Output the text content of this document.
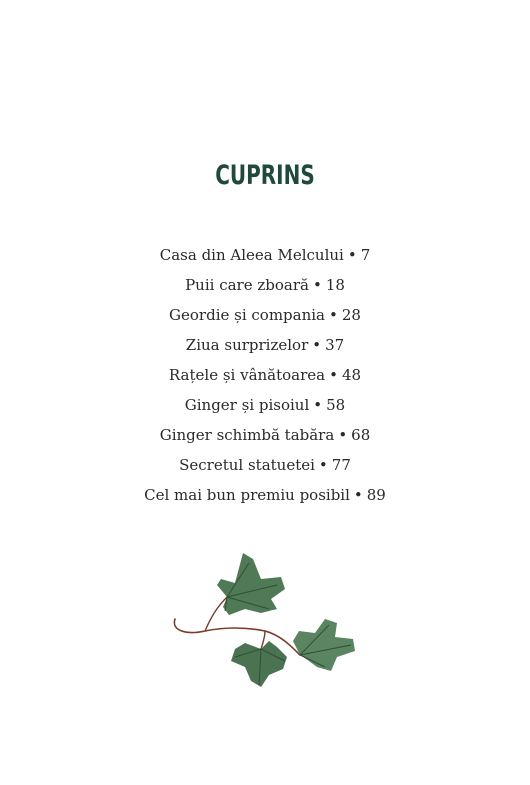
CUPRINS
Casa din Aleea Melcului • 7
Puii care zboară • 18
Geordie și compania • 28
Ziua surprizelor • 37
Rațele și vânătoarea • 48
Ginger și pisoiul • 58
Ginger schimbă tabăra • 68
Secretul statuetei • 77
Cel mai bun premiu posibil • 89
